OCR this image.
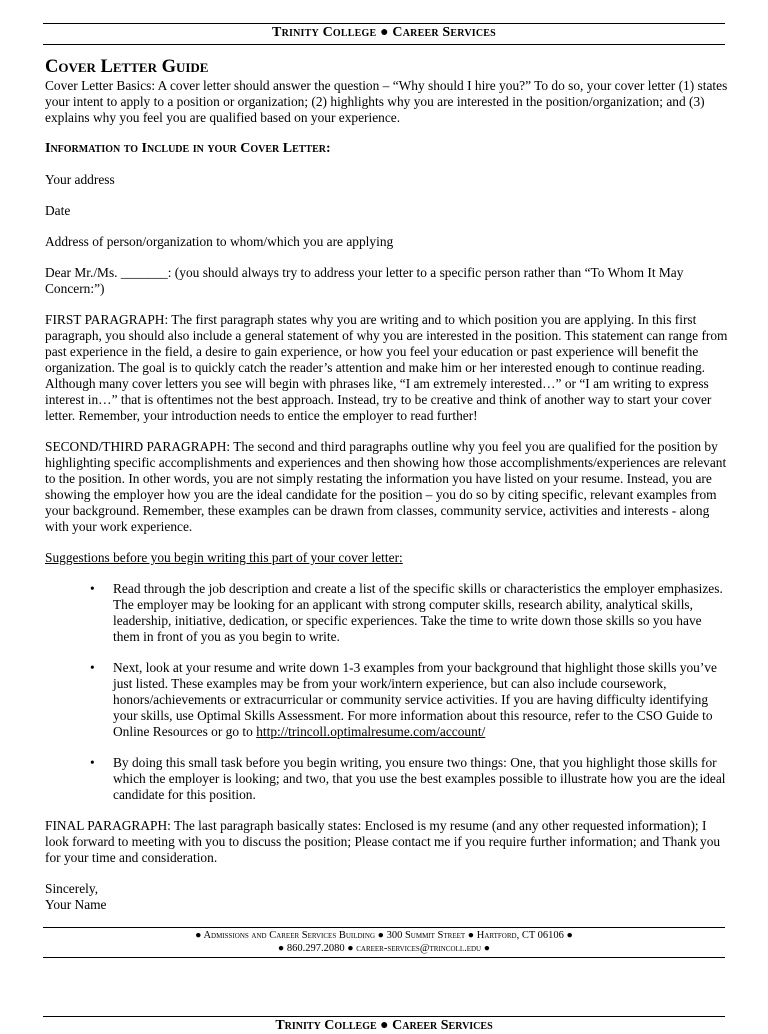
Trinity College ● Career Services
Cover Letter Guide

Cover Letter Basics: A cover letter should answer the question – “Why should I hire you?” To do so, your cover letter (1) states your intent to apply to a position or organization; (2) highlights why you are interested in the position/organization; and (3) explains why you feel you are qualified based on your experience.

Information to Include in your Cover Letter:

Your address

Date

Address of person/organization to whom/which you are applying

Dear Mr./Ms. _______: (you should always try to address your letter to a specific person rather than “To Whom It May Concern:”)

FIRST PARAGRAPH: The first paragraph states why you are writing and to which position you are applying. In this first paragraph, you should also include a general statement of why you are interested in the position. This statement can range from past experience in the field, a desire to gain experience, or how you feel your education or past experience will benefit the organization. The goal is to quickly catch the reader’s attention and make him or her interested enough to continue reading. Although many cover letters you see will begin with phrases like, “I am extremely interested…” or “I am writing to express interest in…” that is oftentimes not the best approach. Instead, try to be creative and think of another way to start your cover letter. Remember, your introduction needs to entice the employer to read further!

SECOND/THIRD PARAGRAPH: The second and third paragraphs outline why you feel you are qualified for the position by highlighting specific accomplishments and experiences and then showing how those accomplishments/experiences are relevant to the position. In other words, you are not simply restating the information you have listed on your resume. Instead, you are showing the employer how you are the ideal candidate for the position – you do so by citing specific, relevant examples from your background. Remember, these examples can be drawn from classes, community service, activities and interests - along with your work experience.

Suggestions before you begin writing this part of your cover letter:

• Read through the job description and create a list of the specific skills or characteristics the employer emphasizes. The employer may be looking for an applicant with strong computer skills, research ability, analytical skills, leadership, initiative, dedication, or specific experiences. Take the time to write down those skills so you have them in front of you as you begin to write.
• Next, look at your resume and write down 1-3 examples from your background that highlight those skills you’ve just listed. These examples may be from your work/intern experience, but can also include coursework, honors/achievements or extracurricular or community service activities. If you are having difficulty identifying your skills, use Optimal Skills Assessment. For more information about this resource, refer to the CSO Guide to Online Resources or go to http://trincoll.optimalresume.com/account/
• By doing this small task before you begin writing, you ensure two things: One, that you highlight those skills for which the employer is looking; and two, that you use the best examples possible to illustrate how you are the ideal candidate for this position.

FINAL PARAGRAPH: The last paragraph basically states: Enclosed is my resume (and any other requested information); I look forward to meeting with you to discuss the position; Please contact me if you require further information; and Thank you for your time and consideration.

Sincerely,

Your Name

● Admissions and Career Services Building ● 300 Summit Street ● Hartford, CT 06106 ●
● 860.297.2080 ● career-services@trincoll.edu ●
Trinity College ● Career Services
